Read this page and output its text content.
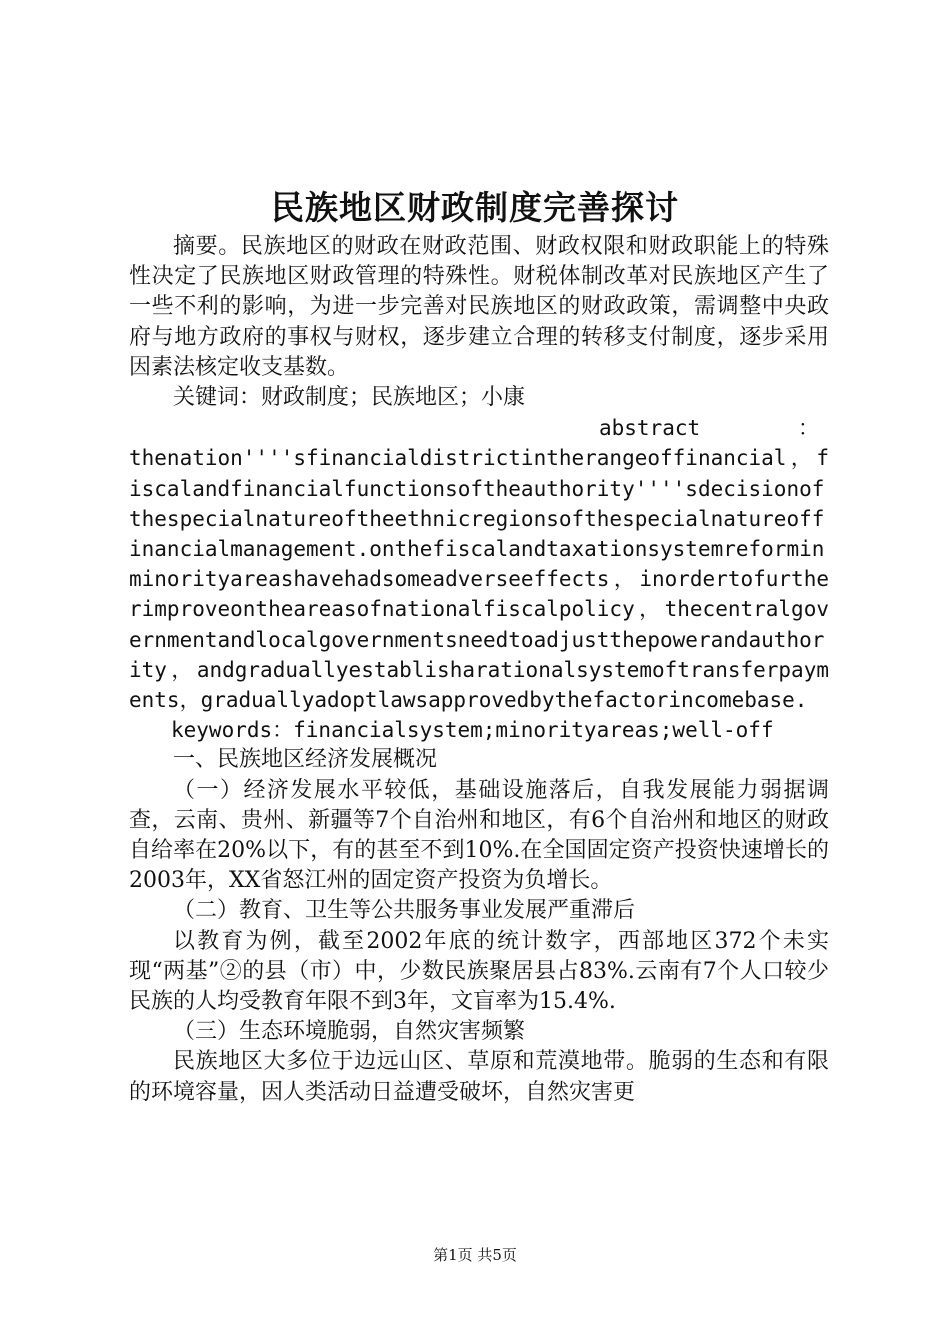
民族地区财政制度完善探讨

摘要。民族地区的财政在财政范围、财政权限和财政职能上的特殊性决定了民族地区财政管理的特殊性。财税体制改革对民族地区产生了一些不利的影响，为进一步完善对民族地区的财政政策，需调整中央政府与地方政府的事权与财权，逐步建立合理的转移支付制度，逐步采用因素法核定收支基数。

关键词：财政制度；民族地区；小康

abstract	：

thenation''''sfinancialdistrictintherangeoffinancial，fiscalandfinancialfunctionsoftheauthority''''sdecisionofthespecialnatureoftheethnicregionsofthespecialnatureoffinancialmanagement.onthefiscalandtaxationsystemreforminminorityareashavehadsomeadverseeffects，inordertofurtherimproveontheareasofnationalfiscalpolicy，thecentralgovernmentandlocalgovernmentsneedtoadjustthepowerandauthority，andgraduallyestablisharationalsystemoftransferpayments，graduallyadoptlawsapprovedbythefactorincomebase.

keywords：financialsystem;minorityareas;well-off

一、民族地区经济发展概况

（一）经济发展水平较低，基础设施落后，自我发展能力弱据调查，云南、贵州、新疆等7个自治州和地区，有6个自治州和地区的财政自给率在20%以下，有的甚至不到10%.在全国固定资产投资快速增长的2003年，XX省怒江州的固定资产投资为负增长。

（二）教育、卫生等公共服务事业发展严重滞后

以教育为例，截至2002年底的统计数字，西部地区372个未实现“两基”②的县（市）中，少数民族聚居县占83%.云南有7个人口较少民族的人均受教育年限不到3年，文盲率为15.4%.

（三）生态环境脆弱，自然灾害频繁

民族地区大多位于边远山区、草原和荒漠地带。脆弱的生态和有限的环境容量，因人类活动日益遭受破坏，自然灾害更

第1页 共5页
